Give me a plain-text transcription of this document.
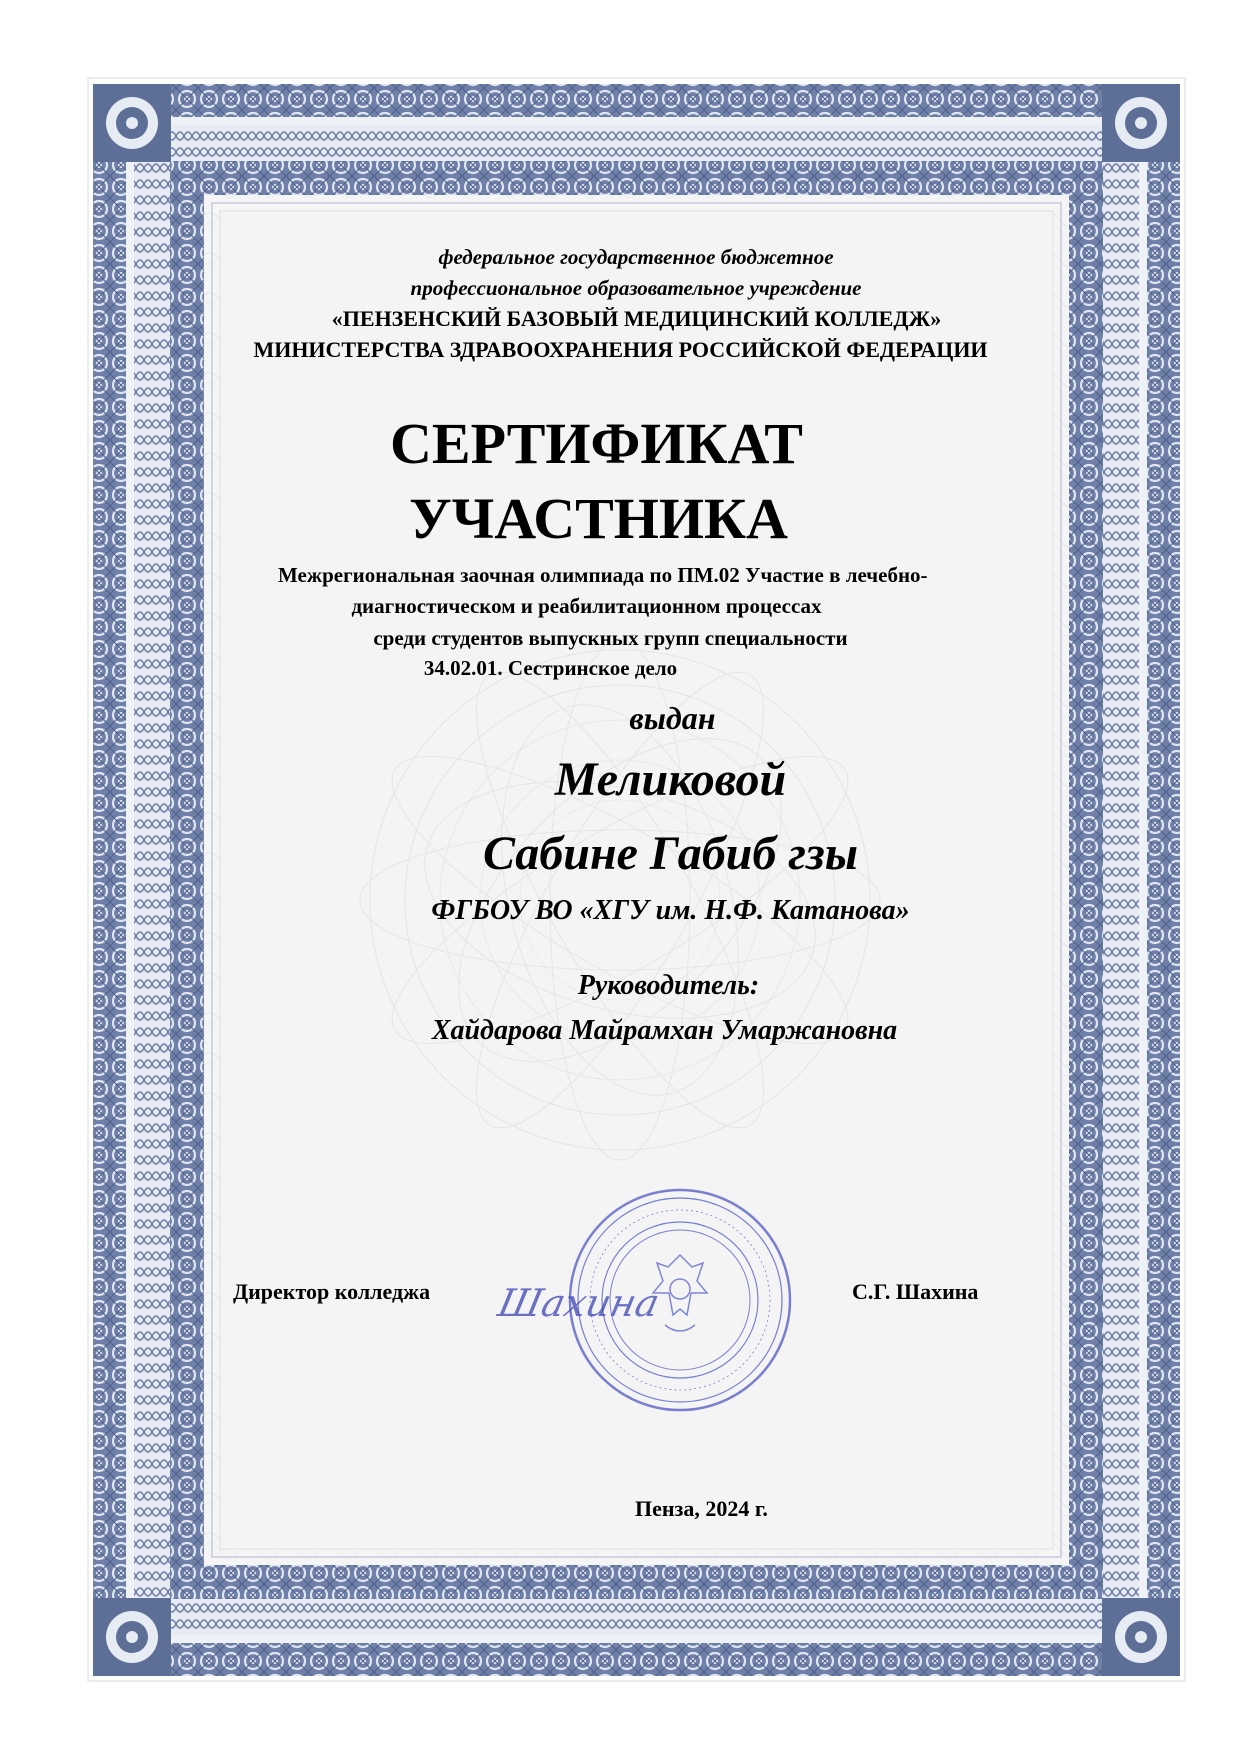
федеральное государственное бюджетное

профессиональное образовательное учреждение

«ПЕНЗЕНСКИЙ БАЗОВЫЙ МЕДИЦИНСКИЙ КОЛЛЕДЖ»

МИНИСТЕРСТВА ЗДРАВООХРАНЕНИЯ РОССИЙСКОЙ ФЕДЕРАЦИИ

СЕРТИФИКАТ

УЧАСТНИКА

Межрегиональная заочная олимпиада по ПМ.02 Участие в лечебно-

диагностическом и реабилитационном процессах

среди студентов выпускных групп специальности

34.02.01. Сестринское дело

выдан

Меликовой

Сабине Габиб гзы

ФГБОУ ВО «ХГУ им. Н.Ф. Катанова»

Руководитель:

Хайдарова Майрамхан Умаржановна

Шахина

Директор колледжа	С.Г. Шахина

Пенза, 2024 г.
